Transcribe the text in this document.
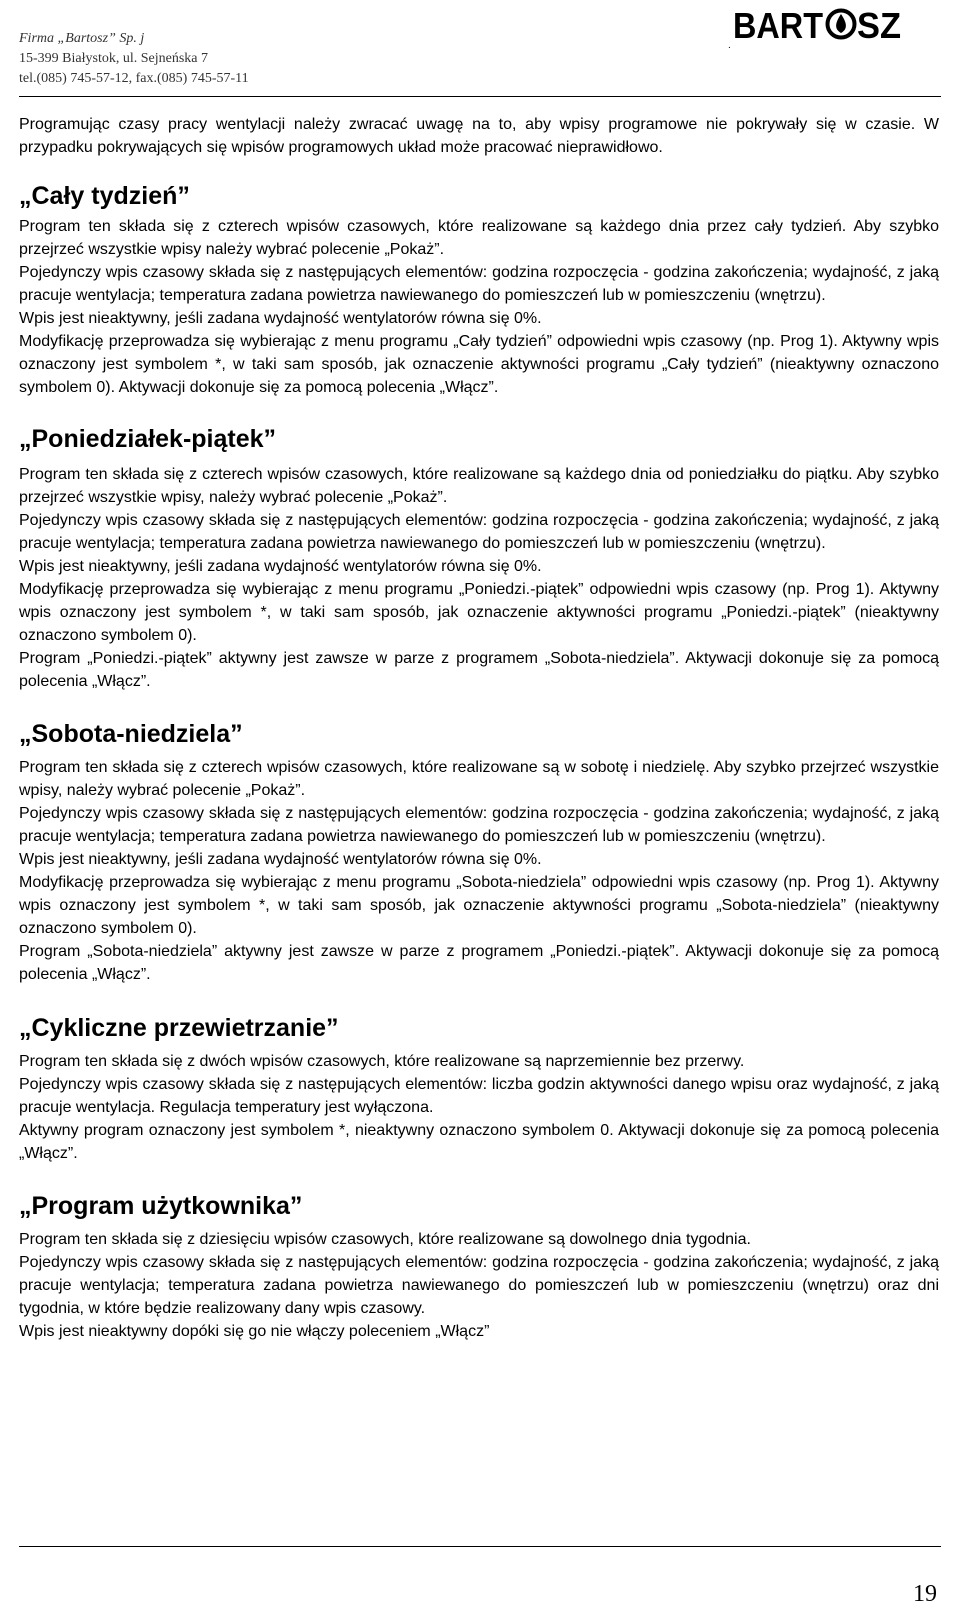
Firma „Bartosz” Sp. j
15-399 Białystok, ul. Sejneńska 7
tel.(085) 745-57-12, fax.(085) 745-57-11
. BART SZ

Programując czasy pracy wentylacji należy zwracać uwagę na to, aby wpisy programowe nie pokrywały się w czasie. W przypadku pokrywających się wpisów programowych układ może pracować nieprawidłowo.

„Cały tydzień”

Program ten składa się z czterech wpisów czasowych, które realizowane są każdego dnia przez cały tydzień. Aby szybko przejrzeć wszystkie wpisy należy wybrać polecenie „Pokaż”.

Pojedynczy wpis czasowy składa się z następujących elementów: godzina rozpoczęcia - godzina zakończenia; wydajność, z jaką pracuje wentylacja; temperatura zadana powietrza nawiewanego do pomieszczeń lub w pomieszczeniu (wnętrzu).

Wpis jest nieaktywny, jeśli zadana wydajność wentylatorów równa się 0%.

Modyfikację przeprowadza się wybierając z menu programu „Cały tydzień” odpowiedni wpis czasowy (np. Prog 1). Aktywny wpis oznaczony jest symbolem *, w taki sam sposób, jak oznaczenie aktywności programu „Cały tydzień” (nieaktywny oznaczono symbolem 0). Aktywacji dokonuje się za pomocą polecenia „Włącz”.

„Poniedziałek-piątek”

Program ten składa się z czterech wpisów czasowych, które realizowane są każdego dnia od poniedziałku do piątku. Aby szybko przejrzeć wszystkie wpisy, należy wybrać polecenie „Pokaż”.

Pojedynczy wpis czasowy składa się z następujących elementów: godzina rozpoczęcia - godzina zakończenia; wydajność, z jaką pracuje wentylacja; temperatura zadana powietrza nawiewanego do pomieszczeń lub w pomieszczeniu (wnętrzu).

Wpis jest nieaktywny, jeśli zadana wydajność wentylatorów równa się 0%.

Modyfikację przeprowadza się wybierając z menu programu „Poniedzi.-piątek” odpowiedni wpis czasowy (np. Prog 1). Aktywny wpis oznaczony jest symbolem *, w taki sam sposób, jak oznaczenie aktywności programu „Poniedzi.-piątek” (nieaktywny oznaczono symbolem 0).

Program „Poniedzi.-piątek” aktywny jest zawsze w parze z programem „Sobota-niedziela”. Aktywacji dokonuje się za pomocą polecenia „Włącz”.

„Sobota-niedziela”

Program ten składa się z czterech wpisów czasowych, które realizowane są w sobotę i niedzielę. Aby szybko przejrzeć wszystkie wpisy, należy wybrać polecenie „Pokaż”.

Pojedynczy wpis czasowy składa się z następujących elementów: godzina rozpoczęcia - godzina zakończenia; wydajność, z jaką pracuje wentylacja; temperatura zadana powietrza nawiewanego do pomieszczeń lub w pomieszczeniu (wnętrzu).

Wpis jest nieaktywny, jeśli zadana wydajność wentylatorów równa się 0%.

Modyfikację przeprowadza się wybierając z menu programu „Sobota-niedziela” odpowiedni wpis czasowy (np. Prog 1). Aktywny wpis oznaczony jest symbolem *, w taki sam sposób, jak oznaczenie aktywności programu „Sobota-niedziela” (nieaktywny oznaczono symbolem 0).

Program „Sobota-niedziela” aktywny jest zawsze w parze z programem „Poniedzi.-piątek”. Aktywacji dokonuje się za pomocą polecenia „Włącz”.

„Cykliczne przewietrzanie”

Program ten składa się z dwóch wpisów czasowych, które realizowane są naprzemiennie bez przerwy.

Pojedynczy wpis czasowy składa się z następujących elementów: liczba godzin aktywności danego wpisu oraz wydajność, z jaką pracuje wentylacja. Regulacja temperatury jest wyłączona.

Aktywny program oznaczony jest symbolem *, nieaktywny oznaczono symbolem 0. Aktywacji dokonuje się za pomocą polecenia „Włącz”.

„Program użytkownika”

Program ten składa się z dziesięciu wpisów czasowych, które realizowane są dowolnego dnia tygodnia.

Pojedynczy wpis czasowy składa się z następujących elementów: godzina rozpoczęcia - godzina zakończenia; wydajność, z jaką pracuje wentylacja; temperatura zadana powietrza nawiewanego do pomieszczeń lub w pomieszczeniu (wnętrzu) oraz dni tygodnia, w które będzie realizowany dany wpis czasowy.

Wpis jest nieaktywny dopóki się go nie włączy poleceniem „Włącz”

19
